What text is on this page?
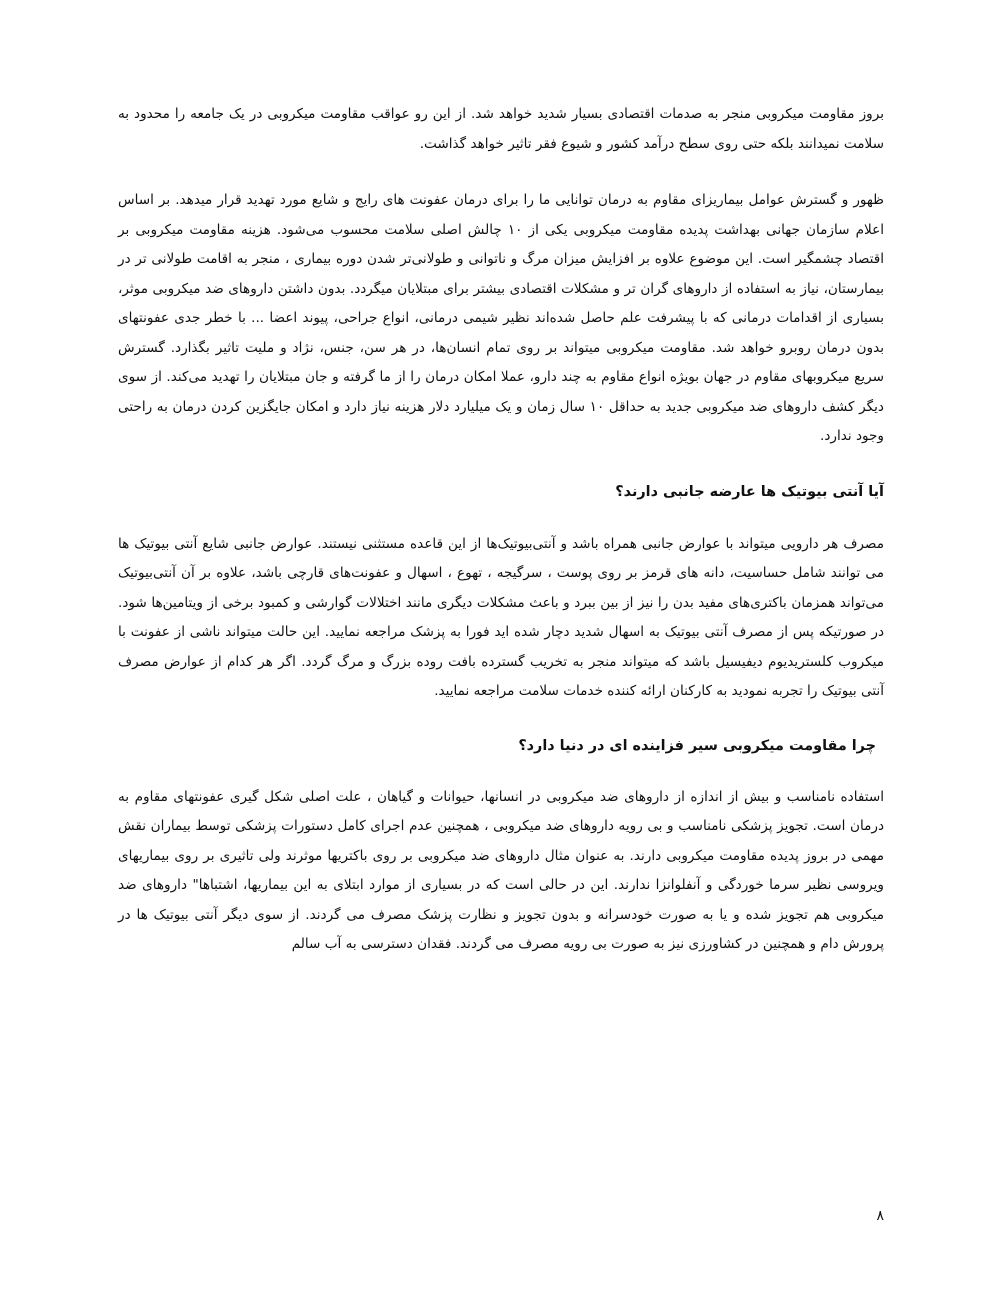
بروز مقاومت میکروبی منجر به صدمات اقتصادی بسیار شدید خواهد شد. از این رو عواقب مقاومت میکروبی در یک جامعه را محدود به سلامت نمیدانند بلکه حتی روی سطح درآمد کشور و شیوع فقر تاثیر خواهد گذاشت.

ظهور و گسترش عوامل بیماریزای مقاوم به درمان توانایی ما را برای درمان عفونت های رایج و شایع مورد تهدید قرار میدهد. بر اساس اعلام سازمان جهانی بهداشت پدیده مقاومت میکروبی یکی از ۱۰ چالش اصلی سلامت محسوب می‌شود. هزینه مقاومت میکروبی بر اقتصاد چشمگیر است. این موضوع علاوه بر افزایش میزان مرگ و ناتوانی و طولانی‌تر شدن دوره بیماری ، منجر به اقامت طولانی تر در بیمارستان، نیاز به استفاده از داروهای گران تر و مشکلات اقتصادی بیشتر برای مبتلایان میگردد. بدون داشتن داروهای ضد میکروبی موثر، بسیاری از اقدامات درمانی که با پیشرفت علم حاصل شده‌اند نظیر شیمی درمانی، انواع جراحی، پیوند اعضا ... با خطر جدی عفونتهای بدون درمان روبرو خواهد شد. مقاومت میکروبی میتواند بر روی تمام انسان‌ها، در هر سن، جنس، نژاد و ملیت تاثیر بگذارد. گسترش سریع میکروبهای مقاوم در جهان بویژه انواع مقاوم به چند دارو، عملا امکان درمان را از ما گرفته و جان مبتلایان را تهدید می‌کند. از سوی دیگر کشف داروهای ضد میکروبی جدید به حداقل ۱۰ سال زمان و یک میلیارد دلار هزینه نیاز دارد و امکان جایگزین کردن درمان به راحتی وجود ندارد.

آیا آنتی بیوتیک ها عارضه جانبی دارند؟

مصرف هر دارویی میتواند با عوارض جانبی همراه باشد و آنتی‌بیوتیک‌ها از این قاعده مستثنی نیستند. عوارض جانبی شایع آنتی بیوتیک ها می توانند شامل حساسیت، دانه های قرمز بر روی پوست ، سرگیجه ، تهوع ، اسهال و عفونت‌های قارچی باشد، علاوه بر آن آنتی‌بیوتیک می‌تواند همزمان باکتری‌های مفید بدن را نیز از بین ببرد و باعث مشکلات دیگری مانند اختلالات گوارشی و کمبود برخی از ویتامین‌ها شود. در صورتیکه پس از مصرف آنتی بیوتیک به اسهال شدید دچار شده اید فورا به پزشک مراجعه نمایید. این حالت میتواند ناشی از عفونت با میکروب کلستریدیوم دیفیسیل باشد که میتواند منجر به تخریب گسترده بافت روده بزرگ و مرگ گردد. اگر هر کدام از عوارض مصرف آنتی بیوتیک را تجربه نمودید به کارکنان ارائه کننده خدمات سلامت مراجعه نمایید.

چرا مقاومت میکروبی سیر فزاینده ای در دنیا دارد؟

استفاده نامناسب و بیش از اندازه از داروهای ضد میکروبی در انسانها، حیوانات و گیاهان ، علت اصلی شکل گیری عفونتهای مقاوم به درمان است. تجویز پزشکی نامناسب و بی رویه داروهای ضد میکروبی ، همچنین عدم اجرای کامل دستورات پزشکی توسط بیماران نقش مهمی در بروز پدیده مقاومت میکروبی دارند. به عنوان مثال داروهای ضد میکروبی بر روی باکتریها موثرند ولی تاثیری بر روی بیماریهای ویروسی نظیر سرما خوردگی و آنفلوانزا ندارند. این در حالی است که در بسیاری از موارد ابتلای به این بیماریها، اشتباها" داروهای ضد میکروبی هم تجویز شده و یا به صورت خودسرانه و بدون تجویز و نظارت پزشک مصرف می گردند. از سوی دیگر آنتی بیوتیک ها در پرورش دام و همچنین در کشاورزی نیز به صورت بی رویه مصرف می گردند. فقدان دسترسی به آب سالم

۸
